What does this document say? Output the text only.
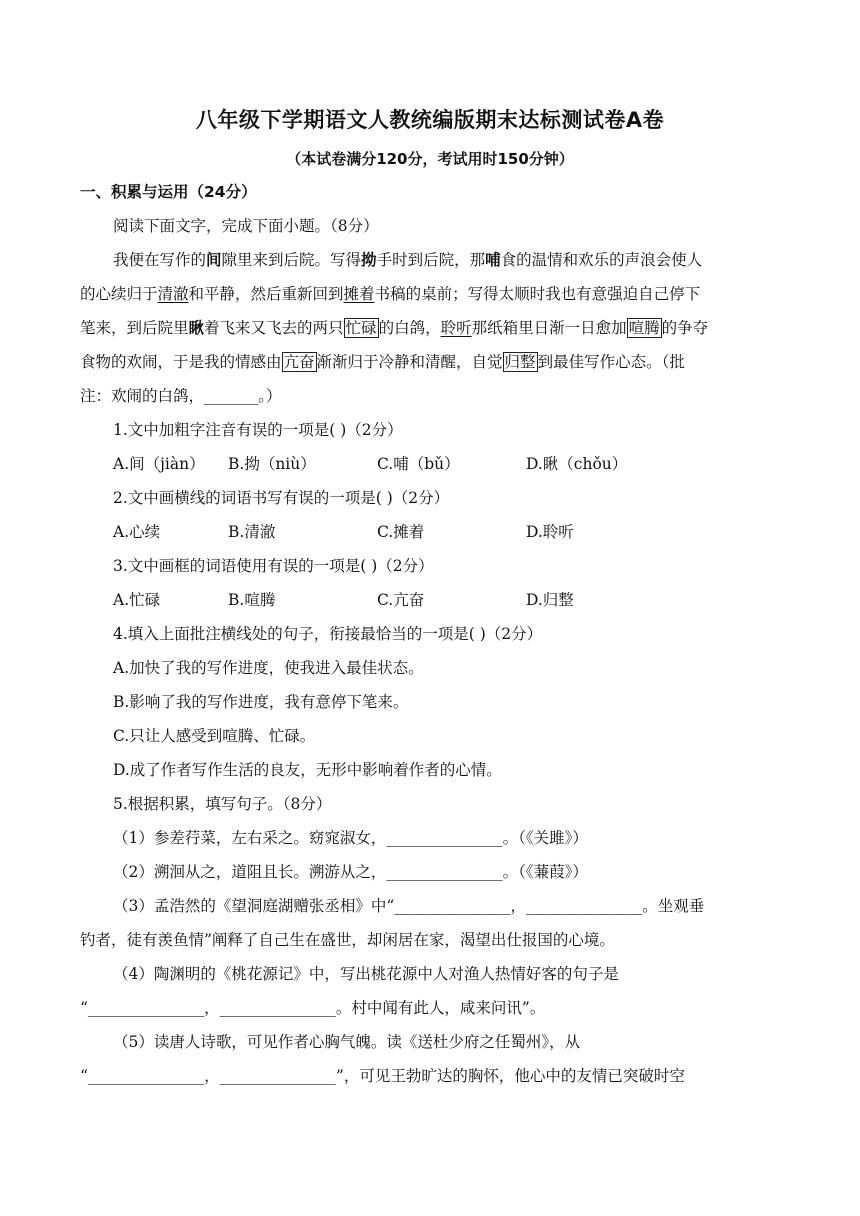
八年级下学期语文人教统编版期末达标测试卷A卷
（本试卷满分120分，考试用时150分钟）
一、积累与运用（24分）
阅读下面文字，完成下面小题。（8分）
我便在写作的间隙里来到后院。写得拗手时到后院，那哺食的温情和欢乐的声浪会使人
的心续归于清澈和平静，然后重新回到摊着书稿的桌前；写得太顺时我也有意强迫自己停下
笔来，到后院里瞅着飞来又飞去的两只 忙碌 的白鸽，聆听那纸箱里日渐一日愈加 喧腾 的争夺
食物的欢闹，于是我的情感由 亢奋 渐渐归于冷静和清醒，自觉 归整 到最佳写作心态。（批
注：欢闹的白鸽，_______。）
1.文中加粗字注音有误的一项是( )（2分）
A.间（jiàn） B.拗（niù）	C.哺（bǔ）	D.瞅（chǒu）
2.文中画横线的词语书写有误的一项是( )（2分）
A.心续	B.清澈	C.摊着	D.聆听
3.文中画框的词语使用有误的一项是( )（2分）
A.忙碌	B.喧腾	C.亢奋	D.归整
4.填入上面批注横线处的句子，衔接最恰当的一项是( )（2分）
A.加快了我的写作进度，使我进入最佳状态。
B.影响了我的写作进度，我有意停下笔来。
C.只让人感受到喧腾、忙碌。
D.成了作者写作生活的良友，无形中影响着作者的心情。
5.根据积累，填写句子。（8分）
（1）参差荇菜，左右采之。窈窕淑女，_______________。（《关雎》）
（2）溯洄从之，道阻且长。溯游从之，_______________。（《蒹葭》）
（3）孟浩然的《望洞庭湖赠张丞相》中“_______________，_______________。坐观垂
钓者，徒有羡鱼情”阐释了自己生在盛世，却闲居在家，渴望出仕报国的心境。
（4）陶渊明的《桃花源记》中，写出桃花源中人对渔人热情好客的句子是
“_______________，_______________。村中闻有此人，咸来问讯”。
（5）读唐人诗歌，可见作者心胸气魄。读《送杜少府之任蜀州》，从
“_______________，_______________”，可见王勃旷达的胸怀，他心中的友情已突破时空
